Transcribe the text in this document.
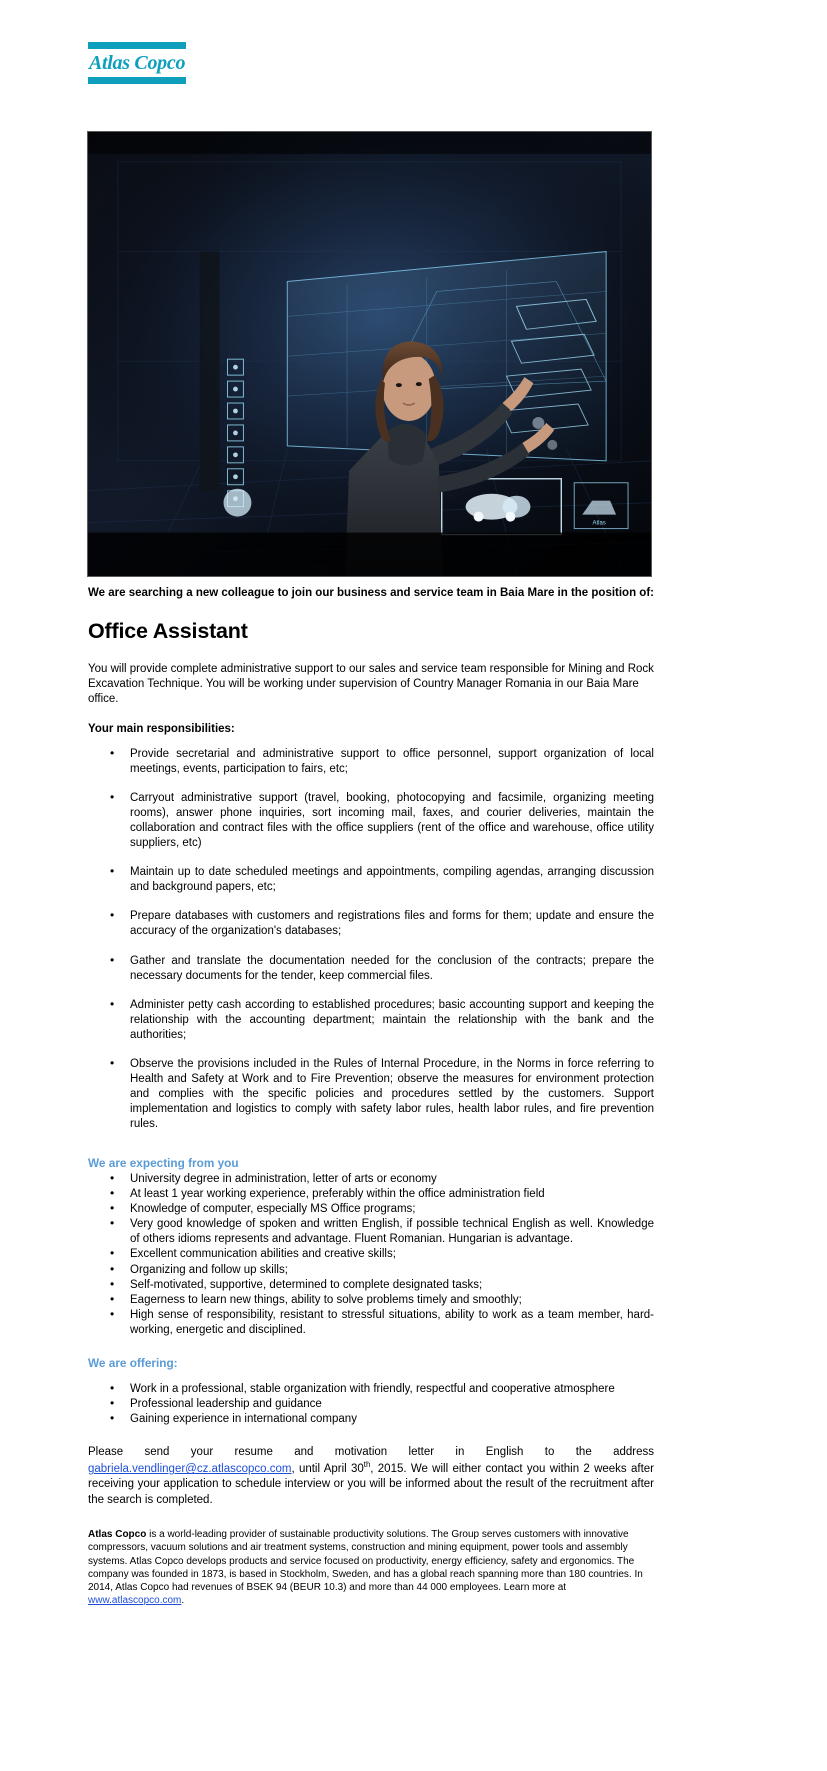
Atlas Copco
Atlas

We are searching a new colleague to join our business and service team in Baia Mare in the position of:

Office Assistant

You will provide complete administrative support to our sales and service team responsible for Mining and Rock Excavation Technique. You will be working under supervision of Country Manager Romania in our Baia Mare office.

Your main responsibilities:
• Provide secretarial and administrative support to office personnel, support organization of local meetings, events, participation to fairs, etc;
• Carryout administrative support (travel, booking, photocopying and facsimile, organizing meeting rooms), answer phone inquiries, sort incoming mail, faxes, and courier deliveries, maintain the collaboration and contract files with the office suppliers (rent of the office and warehouse, office utility suppliers, etc)
• Maintain up to date scheduled meetings and appointments, compiling agendas, arranging discussion and background papers, etc;
• Prepare databases with customers and registrations files and forms for them; update and ensure the accuracy of the organization's databases;
• Gather and translate the documentation needed for the conclusion of the contracts; prepare the necessary documents for the tender, keep commercial files.
• Administer petty cash according to established procedures; basic accounting support and keeping the relationship with the accounting department; maintain the relationship with the bank and the authorities;
• Observe the provisions included in the Rules of Internal Procedure, in the Norms in force referring to Health and Safety at Work and to Fire Prevention; observe the measures for environment protection and complies with the specific policies and procedures settled by the customers. Support implementation and logistics to comply with safety labor rules, health labor rules, and fire prevention rules.
We are expecting from you
• University degree in administration, letter of arts or economy
• At least 1 year working experience, preferably within the office administration field
• Knowledge of computer, especially MS Office programs;
• Very good knowledge of spoken and written English, if possible technical English as well. Knowledge of others idioms represents and advantage. Fluent Romanian. Hungarian is advantage.
• Excellent communication abilities and creative skills;
• Organizing and follow up skills;
• Self-motivated, supportive, determined to complete designated tasks;
• Eagerness to learn new things, ability to solve problems timely and smoothly;
• High sense of responsibility, resistant to stressful situations, ability to work as a team member, hard-working, energetic and disciplined.
We are offering:
• Work in a professional, stable organization with friendly, respectful and cooperative atmosphere
• Professional leadership and guidance
• Gaining experience in international company

Please send your resume and motivation letter in English to the address gabriela.vendlinger@cz.atlascopco.com, until April 30th, 2015. We will either contact you within 2 weeks after receiving your application to schedule interview or you will be informed about the result of the recruitment after the search is completed.

Atlas Copco is a world-leading provider of sustainable productivity solutions. The Group serves customers with innovative compressors, vacuum solutions and air treatment systems, construction and mining equipment, power tools and assembly systems. Atlas Copco develops products and service focused on productivity, energy efficiency, safety and ergonomics. The company was founded in 1873, is based in Stockholm, Sweden, and has a global reach spanning more than 180 countries. In 2014, Atlas Copco had revenues of BSEK 94 (BEUR 10.3) and more than 44 000 employees. Learn more at www.atlascopco.com.
